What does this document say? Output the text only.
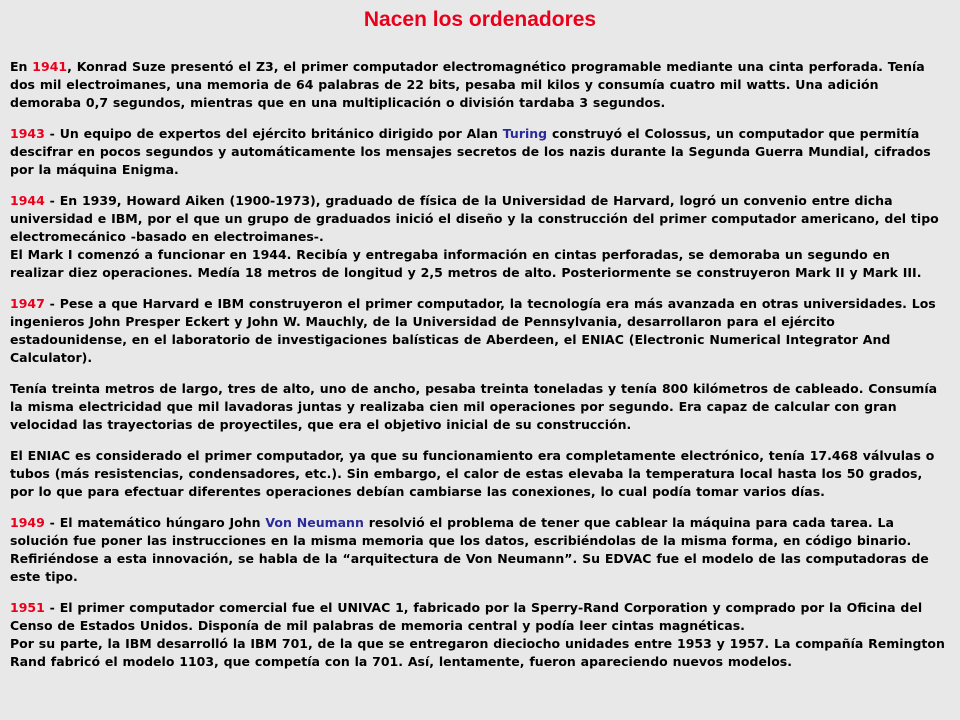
Nacen los ordenadores
En 1941, Konrad Suze presentó el Z3, el primer computador electromagnético programable mediante una cinta perforada. Tenía dos mil electroimanes, una memoria de 64 palabras de 22 bits, pesaba mil kilos y consumía cuatro mil watts. Una adición demoraba 0,7 segundos, mientras que en una multiplicación o división tardaba 3 segundos.
1943 - Un equipo de expertos del ejército británico dirigido por Alan Turing construyó el Colossus, un computador que permitía descifrar en pocos segundos y automáticamente los mensajes secretos de los nazis durante la Segunda Guerra Mundial, cifrados por la máquina Enigma.
1944 - En 1939, Howard Aiken (1900-1973), graduado de física de la Universidad de Harvard, logró un convenio entre dicha universidad e IBM, por el que un grupo de graduados inició el diseño y la construcción del primer computador americano, del tipo electromecánico -basado en electroimanes-.
El Mark I comenzó a funcionar en 1944. Recibía y entregaba información en cintas perforadas, se demoraba un segundo en realizar diez operaciones. Medía 18 metros de longitud y 2,5 metros de alto. Posteriormente se construyeron Mark II y Mark III.
1947 - Pese a que Harvard e IBM construyeron el primer computador, la tecnología era más avanzada en otras universidades. Los ingenieros John Presper Eckert y John W. Mauchly, de la Universidad de Pennsylvania, desarrollaron para el ejército estadounidense, en el laboratorio de investigaciones balísticas de Aberdeen, el ENIAC (Electronic Numerical Integrator And Calculator).
Tenía treinta metros de largo, tres de alto, uno de ancho, pesaba treinta toneladas y tenía 800 kilómetros de cableado. Consumía la misma electricidad que mil lavadoras juntas y realizaba cien mil operaciones por segundo. Era capaz de calcular con gran velocidad las trayectorias de proyectiles, que era el objetivo inicial de su construcción.
El ENIAC es considerado el primer computador, ya que su funcionamiento era completamente electrónico, tenía 17.468 válvulas o tubos (más resistencias, condensadores, etc.). Sin embargo, el calor de estas elevaba la temperatura local hasta los 50 grados, por lo que para efectuar diferentes operaciones debían cambiarse las conexiones, lo cual podía tomar varios días.
1949 - El matemático húngaro John Von Neumann resolvió el problema de tener que cablear la máquina para cada tarea. La solución fue poner las instrucciones en la misma memoria que los datos, escribiéndolas de la misma forma, en código binario.
Refiriéndose a esta innovación, se habla de la “arquitectura de Von Neumann”. Su EDVAC fue el modelo de las computadoras de este tipo.
1951 - El primer computador comercial fue el UNIVAC 1, fabricado por la Sperry-Rand Corporation y comprado por la Oficina del Censo de Estados Unidos. Disponía de mil palabras de memoria central y podía leer cintas magnéticas.
Por su parte, la IBM desarrolló la IBM 701, de la que se entregaron dieciocho unidades entre 1953 y 1957. La compañía Remington Rand fabricó el modelo 1103, que competía con la 701. Así, lentamente, fueron apareciendo nuevos modelos.
